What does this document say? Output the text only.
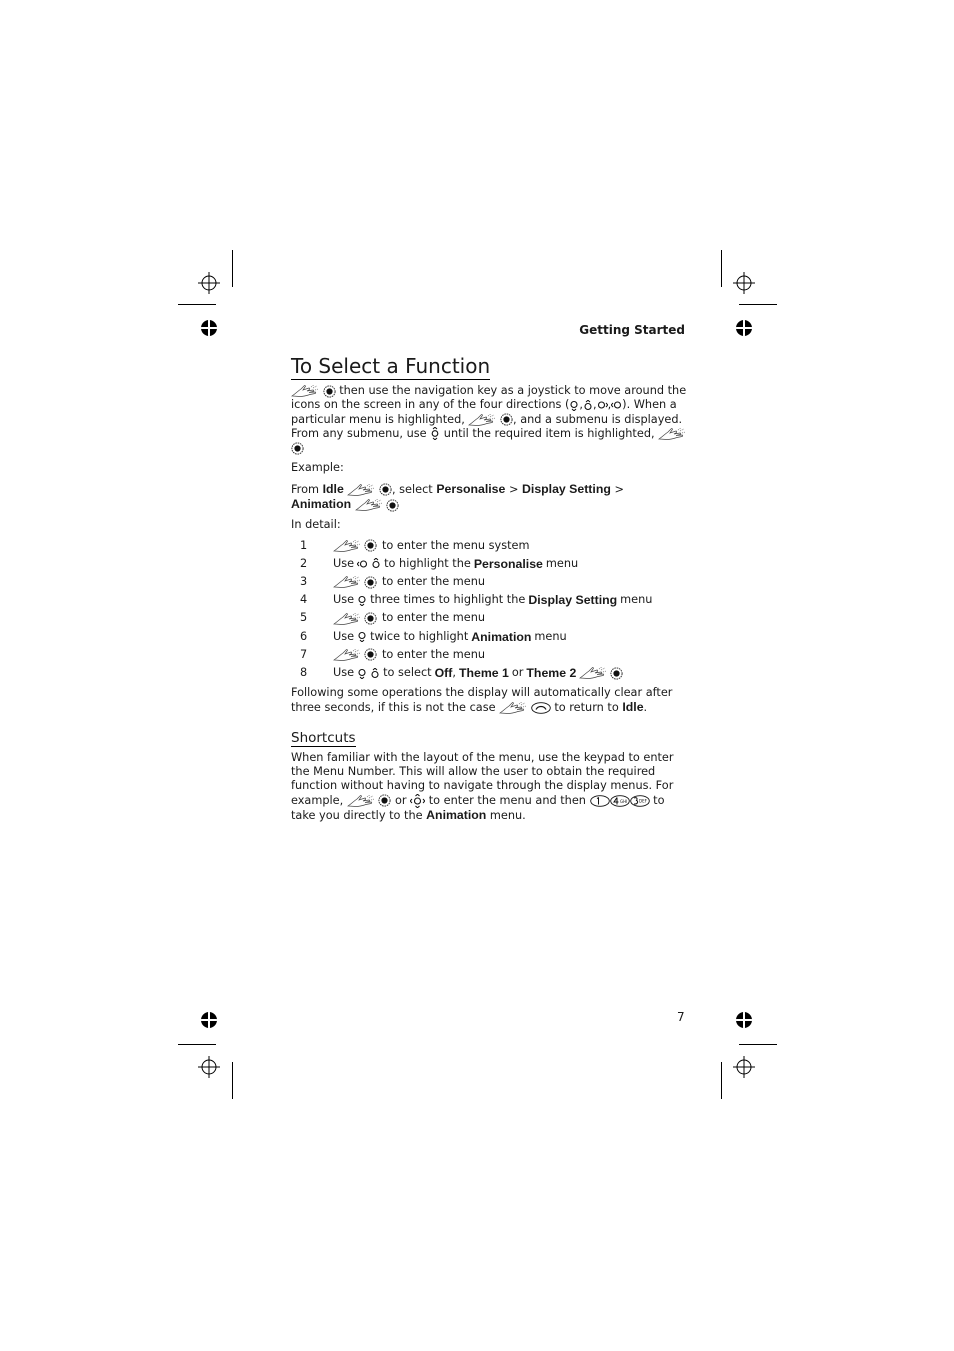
Getting Started
7
To Select a Function

then use the navigation key as a joystick to move around the icons on the screen in any of the four directions ( , , , ). When a particular menu is highlighted,	, and a submenu is displayed. From any submenu, use until the required item is highlighted,

Example:

From Idle	, select Personalise > Display Setting > Animation

In detail:

1	to enter the menu system
2	Use	to highlight the Personalise menu
3	to enter the menu
4	Use three times to highlight the Display Setting menu
5	to enter the menu
6	Use twice to highlight Animation menu
7	to enter the menu
8	Use	to select Off , Theme 1 or Theme 2

Following some operations the display will automatically clear after three seconds, if this is not the case	to return to Idle.

Shortcuts

When familiar with the layout of the menu, use the keypad to enter the Menu Number. This will allow the user to obtain the required function without having to navigate through the display menus. For example,	or to enter the menu and then	to take you directly to the Animation menu.
